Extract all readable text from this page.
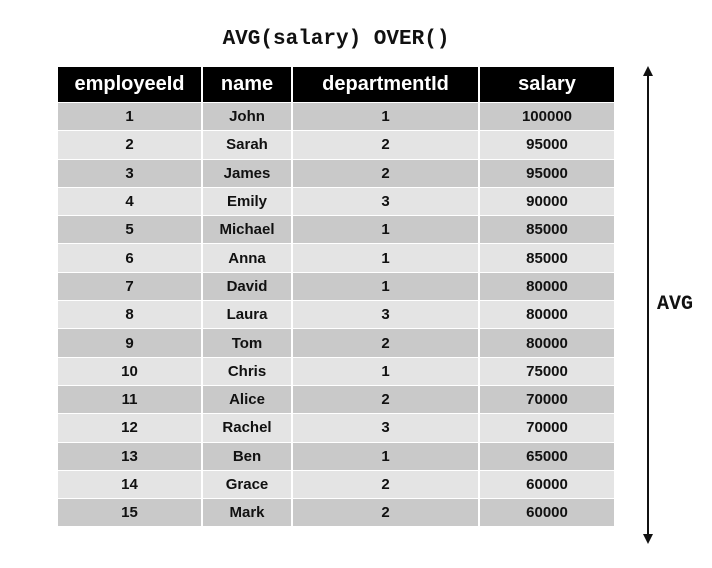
AVG(salary) OVER()
employeeId	name	departmentId	salary
1	John	1	100000
2	Sarah	2	95000
3	James	2	95000
4	Emily	3	90000
5	Michael	1	85000
6	Anna	1	85000
7	David	1	80000
8	Laura	3	80000
9	Tom	2	80000
10	Chris	1	75000
11	Alice	2	70000
12	Rachel	3	70000
13	Ben	1	65000
14	Grace	2	60000
15	Mark	2	60000
AVG
